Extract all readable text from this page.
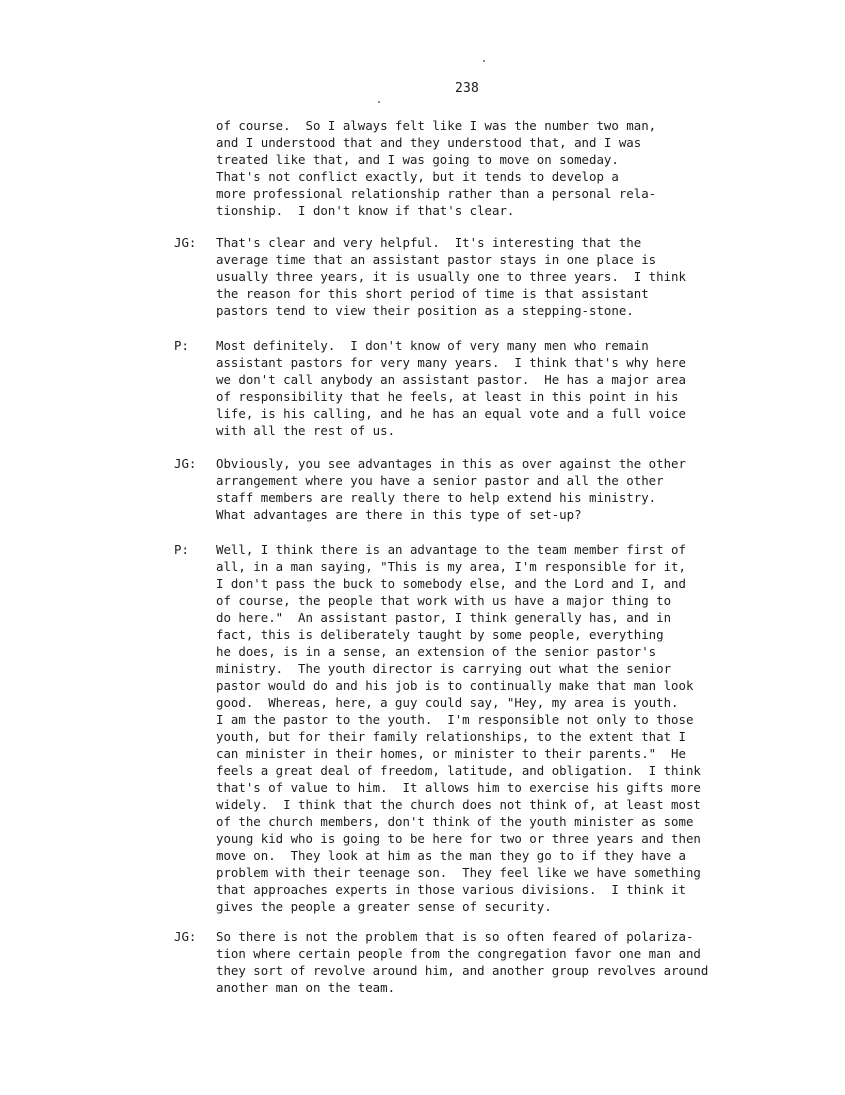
238
of course.  So I always felt like I was the number two man,
and I understood that and they understood that, and I was
treated like that, and I was going to move on someday.
That's not conflict exactly, but it tends to develop a
more professional relationship rather than a personal rela-
tionship.  I don't know if that's clear.
JG: That's clear and very helpful.  It's interesting that the
average time that an assistant pastor stays in one place is
usually three years, it is usually one to three years.  I think
the reason for this short period of time is that assistant
pastors tend to view their position as a stepping-stone.
P: Most definitely.  I don't know of very many men who remain
assistant pastors for very many years.  I think that's why here
we don't call anybody an assistant pastor.  He has a major area
of responsibility that he feels, at least in this point in his
life, is his calling, and he has an equal vote and a full voice
with all the rest of us.
JG: Obviously, you see advantages in this as over against the other
arrangement where you have a senior pastor and all the other
staff members are really there to help extend his ministry.
What advantages are there in this type of set-up?
P: Well, I think there is an advantage to the team member first of
all, in a man saying, "This is my area, I'm responsible for it,
I don't pass the buck to somebody else, and the Lord and I, and
of course, the people that work with us have a major thing to
do here."  An assistant pastor, I think generally has, and in
fact, this is deliberately taught by some people, everything
he does, is in a sense, an extension of the senior pastor's
ministry.  The youth director is carrying out what the senior
pastor would do and his job is to continually make that man look
good.  Whereas, here, a guy could say, "Hey, my area is youth.
I am the pastor to the youth.  I'm responsible not only to those
youth, but for their family relationships, to the extent that I
can minister in their homes, or minister to their parents."  He
feels a great deal of freedom, latitude, and obligation.  I think
that's of value to him.  It allows him to exercise his gifts more
widely.  I think that the church does not think of, at least most
of the church members, don't think of the youth minister as some
young kid who is going to be here for two or three years and then
move on.  They look at him as the man they go to if they have a
problem with their teenage son.  They feel like we have something
that approaches experts in those various divisions.  I think it
gives the people a greater sense of security.
JG: So there is not the problem that is so often feared of polariza-
tion where certain people from the congregation favor one man and
they sort of revolve around him, and another group revolves around
another man on the team.
